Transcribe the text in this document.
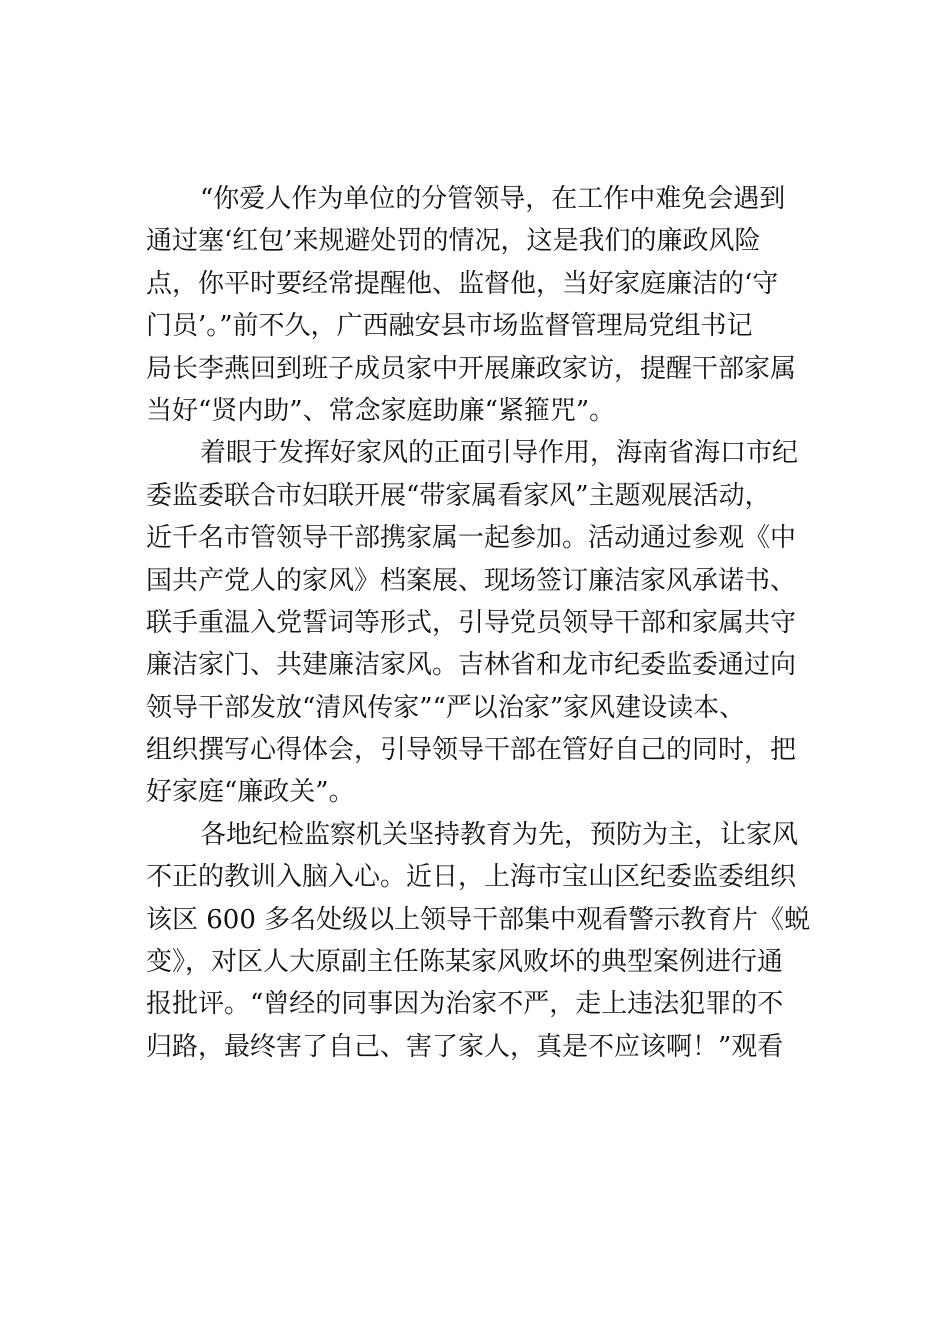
“你爱人作为单位的分管领导，在工作中难免会遇到
通过塞‘红包’来规避处罚的情况，这是我们的廉政风险
点，你平时要经常提醒他、监督他，当好家庭廉洁的‘守
门员’。”前不久，广西融安县市场监督管理局党组书记
局长李燕回到班子成员家中开展廉政家访，提醒干部家属
当好“贤内助”、常念家庭助廉“紧箍咒”。

着眼于发挥好家风的正面引导作用，海南省海口市纪
委监委联合市妇联开展“带家属看家风”主题观展活动，
近千名市管领导干部携家属一起参加。活动通过参观《中
国共产党人的家风》档案展、现场签订廉洁家风承诺书、
联手重温入党誓词等形式，引导党员领导干部和家属共守
廉洁家门、共建廉洁家风。吉林省和龙市纪委监委通过向
领导干部发放“清风传家”“严以治家”家风建设读本、
组织撰写心得体会，引导领导干部在管好自己的同时，把
好家庭“廉政关”。

各地纪检监察机关坚持教育为先，预防为主，让家风
不正的教训入脑入心。近日，上海市宝山区纪委监委组织
该区 600 多名处级以上领导干部集中观看警示教育片《蜕
变》，对区人大原副主任陈某家风败坏的典型案例进行通
报批评。“曾经的同事因为治家不严，走上违法犯罪的不
归路，最终害了自己、害了家人，真是不应该啊！”观看
